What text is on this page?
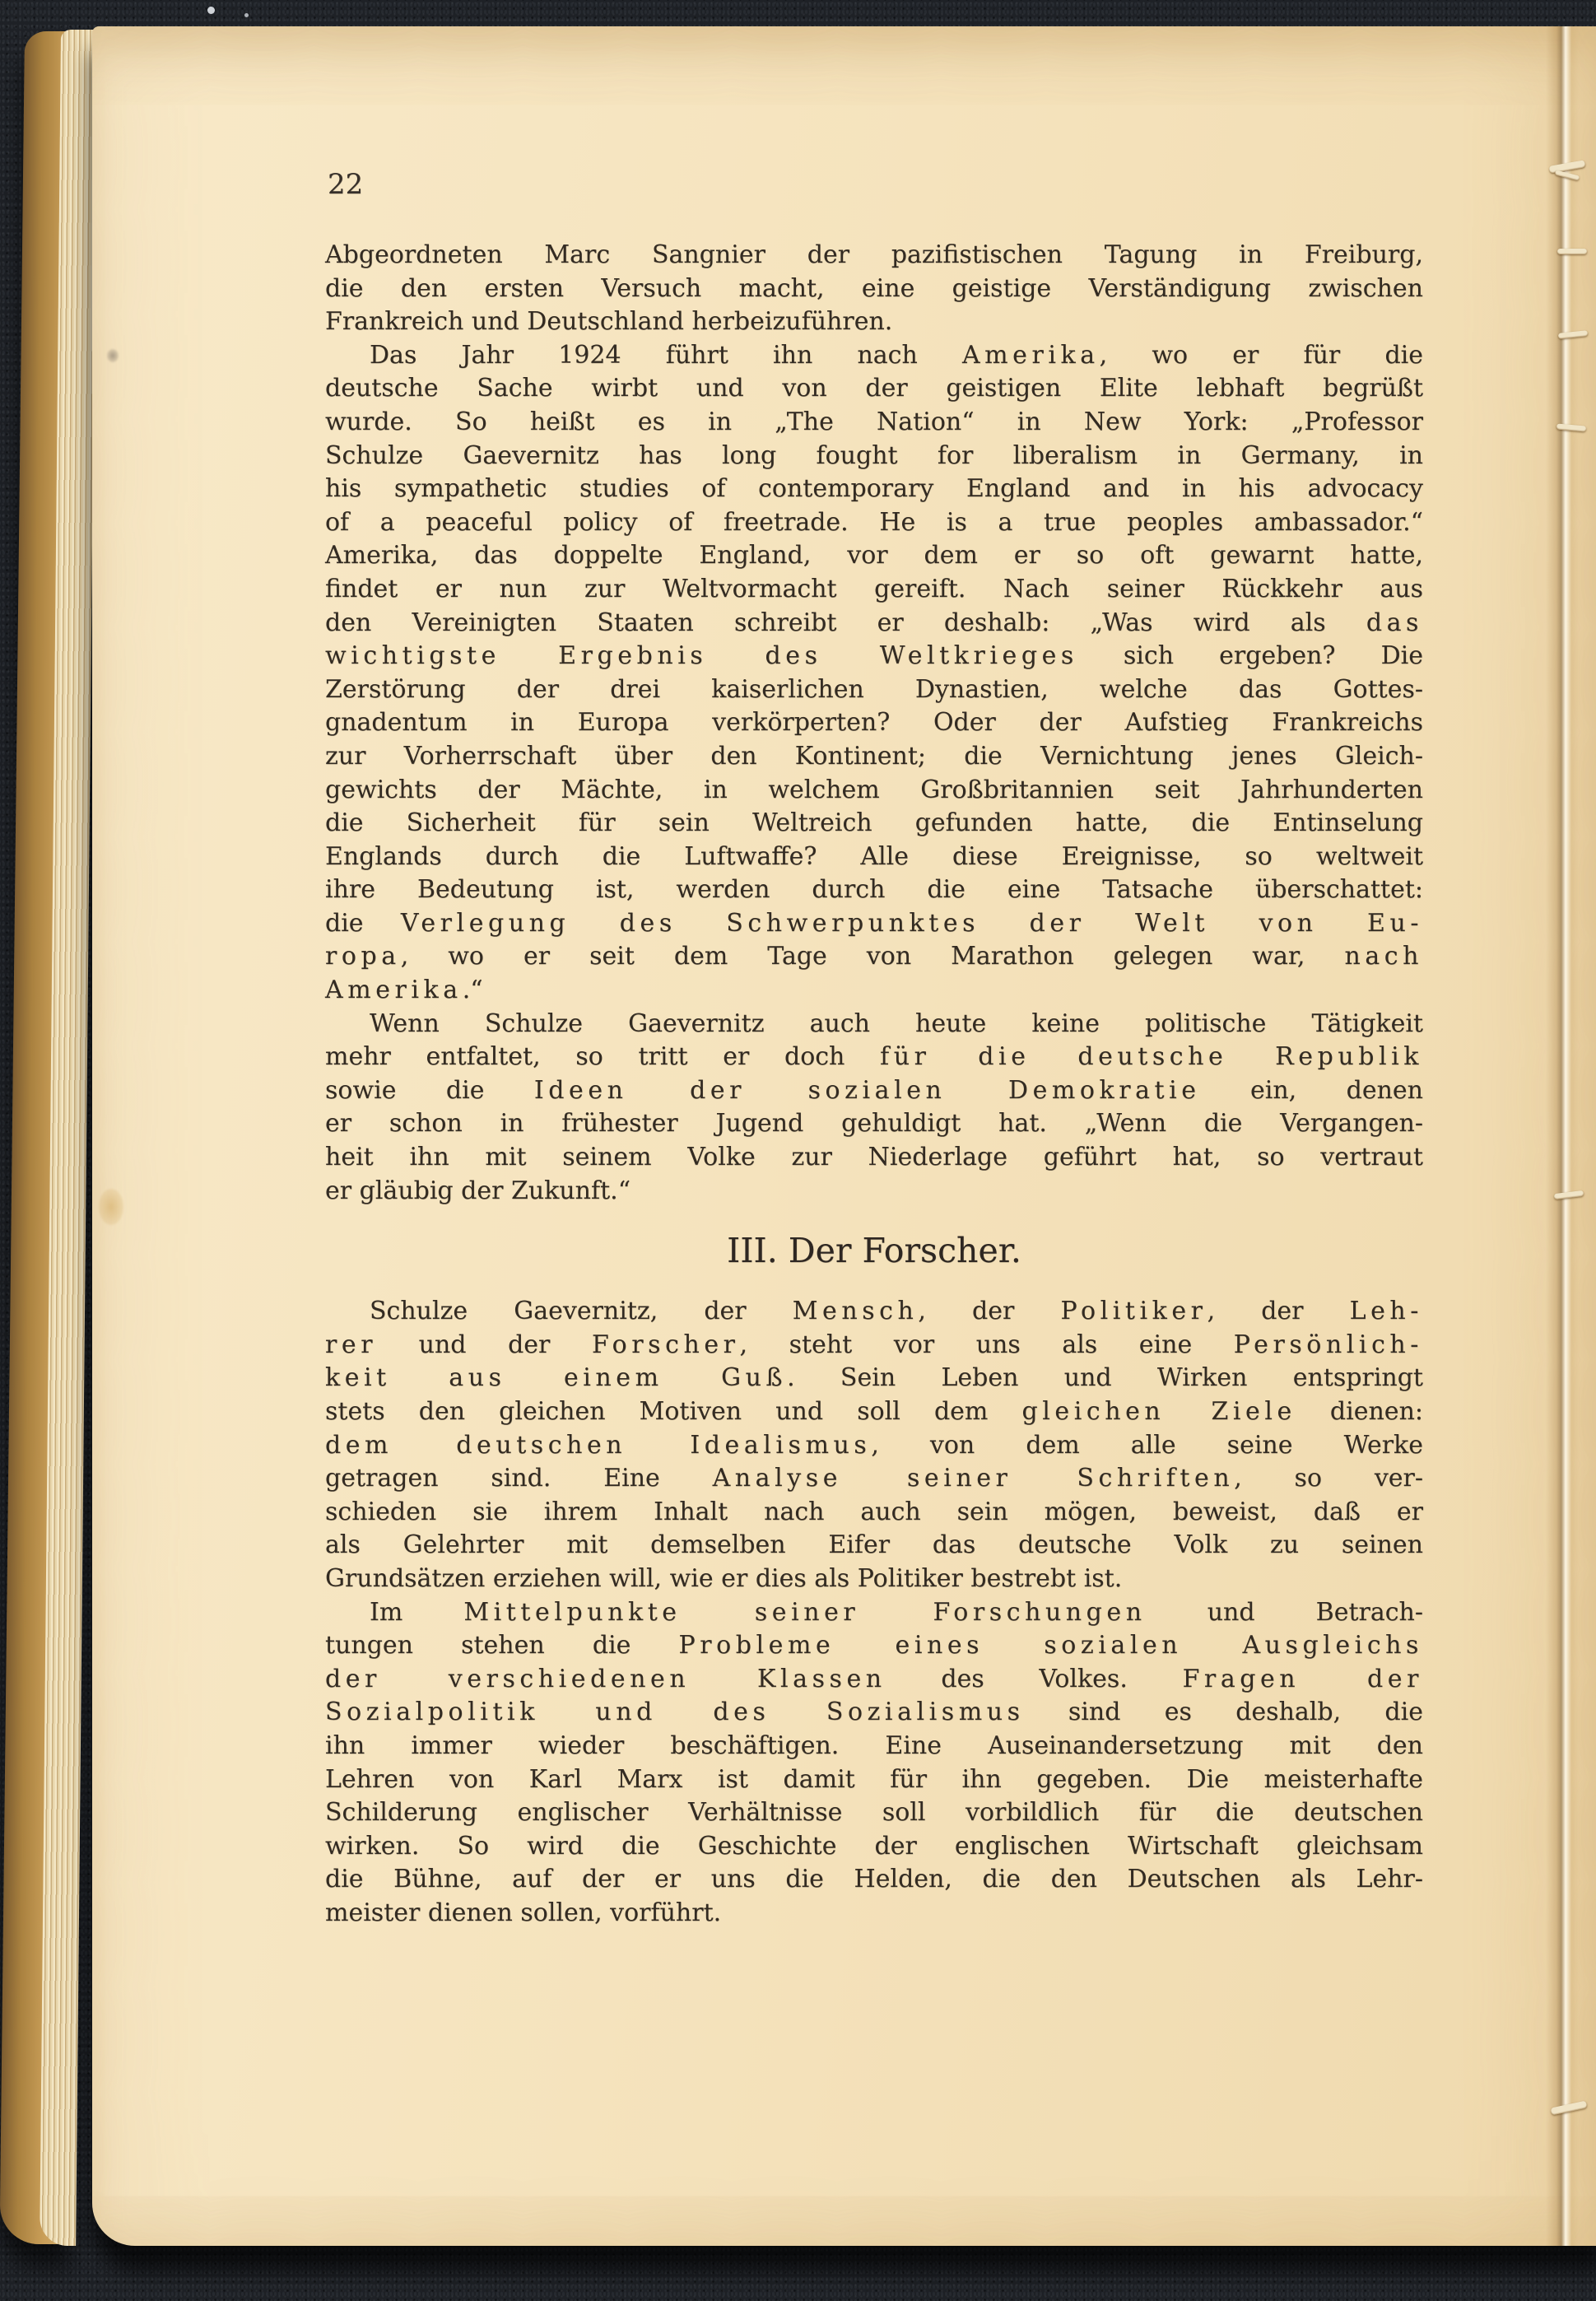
22
Abgeordneten Marc Sangnier der pazifistischen Tagung in Freiburg,
die den ersten Versuch macht, eine geistige Verständigung zwischen
Frankreich und Deutschland herbeizuführen.
Das Jahr 1924 führt ihn nach Amerika, wo er für die
deutsche Sache wirbt und von der geistigen Elite lebhaft begrüßt
wurde. So heißt es in „The Nation“ in New York: „Professor
Schulze Gaevernitz has long fought for liberalism in Germany, in
his sympathetic studies of contemporary England and in his advocacy
of a peaceful policy of freetrade. He is a true peoples ambassador.“
Amerika, das doppelte England, vor dem er so oft gewarnt hatte,
findet er nun zur Weltvormacht gereift. Nach seiner Rückkehr aus
den Vereinigten Staaten schreibt er deshalb: „Was wird als das
wichtigste Ergebnis des Weltkrieges sich ergeben? Die
Zerstörung der drei kaiserlichen Dynastien, welche das Gottes-
gnadentum in Europa verkörperten? Oder der Aufstieg Frankreichs
zur Vorherrschaft über den Kontinent; die Vernichtung jenes Gleich-
gewichts der Mächte, in welchem Großbritannien seit Jahrhunderten
die Sicherheit für sein Weltreich gefunden hatte, die Entinselung
Englands durch die Luftwaffe? Alle diese Ereignisse, so weltweit
ihre Bedeutung ist, werden durch die eine Tatsache überschattet:
die Verlegung des Schwerpunktes der Welt von Eu-
ropa, wo er seit dem Tage von Marathon gelegen war, nach
Amerika.“
Wenn Schulze Gaevernitz auch heute keine politische Tätigkeit
mehr entfaltet, so tritt er doch für die deutsche Republik
sowie die Ideen der sozialen Demokratie ein, denen
er schon in frühester Jugend gehuldigt hat. „Wenn die Vergangen-
heit ihn mit seinem Volke zur Niederlage geführt hat, so vertraut
er gläubig der Zukunft.“
III. Der Forscher.
Schulze Gaevernitz, der Mensch, der Politiker, der Leh-
rer und der Forscher, steht vor uns als eine Persönlich-
keit aus einem Guß. Sein Leben und Wirken entspringt
stets den gleichen Motiven und soll dem gleichen Ziele dienen:
dem deutschen Idealismus, von dem alle seine Werke
getragen sind. Eine Analyse seiner Schriften, so ver-
schieden sie ihrem Inhalt nach auch sein mögen, beweist, daß er
als Gelehrter mit demselben Eifer das deutsche Volk zu seinen
Grundsätzen erziehen will, wie er dies als Politiker bestrebt ist.
Im Mittelpunkte seiner Forschungen und Betrach-
tungen stehen die Probleme eines sozialen Ausgleichs
der verschiedenen Klassen des Volkes. Fragen der
Sozialpolitik und des Sozialismus sind es deshalb, die
ihn immer wieder beschäftigen. Eine Auseinandersetzung mit den
Lehren von Karl Marx ist damit für ihn gegeben. Die meisterhafte
Schilderung englischer Verhältnisse soll vorbildlich für die deutschen
wirken. So wird die Geschichte der englischen Wirtschaft gleichsam
die Bühne, auf der er uns die Helden, die den Deutschen als Lehr-
meister dienen sollen, vorführt.
